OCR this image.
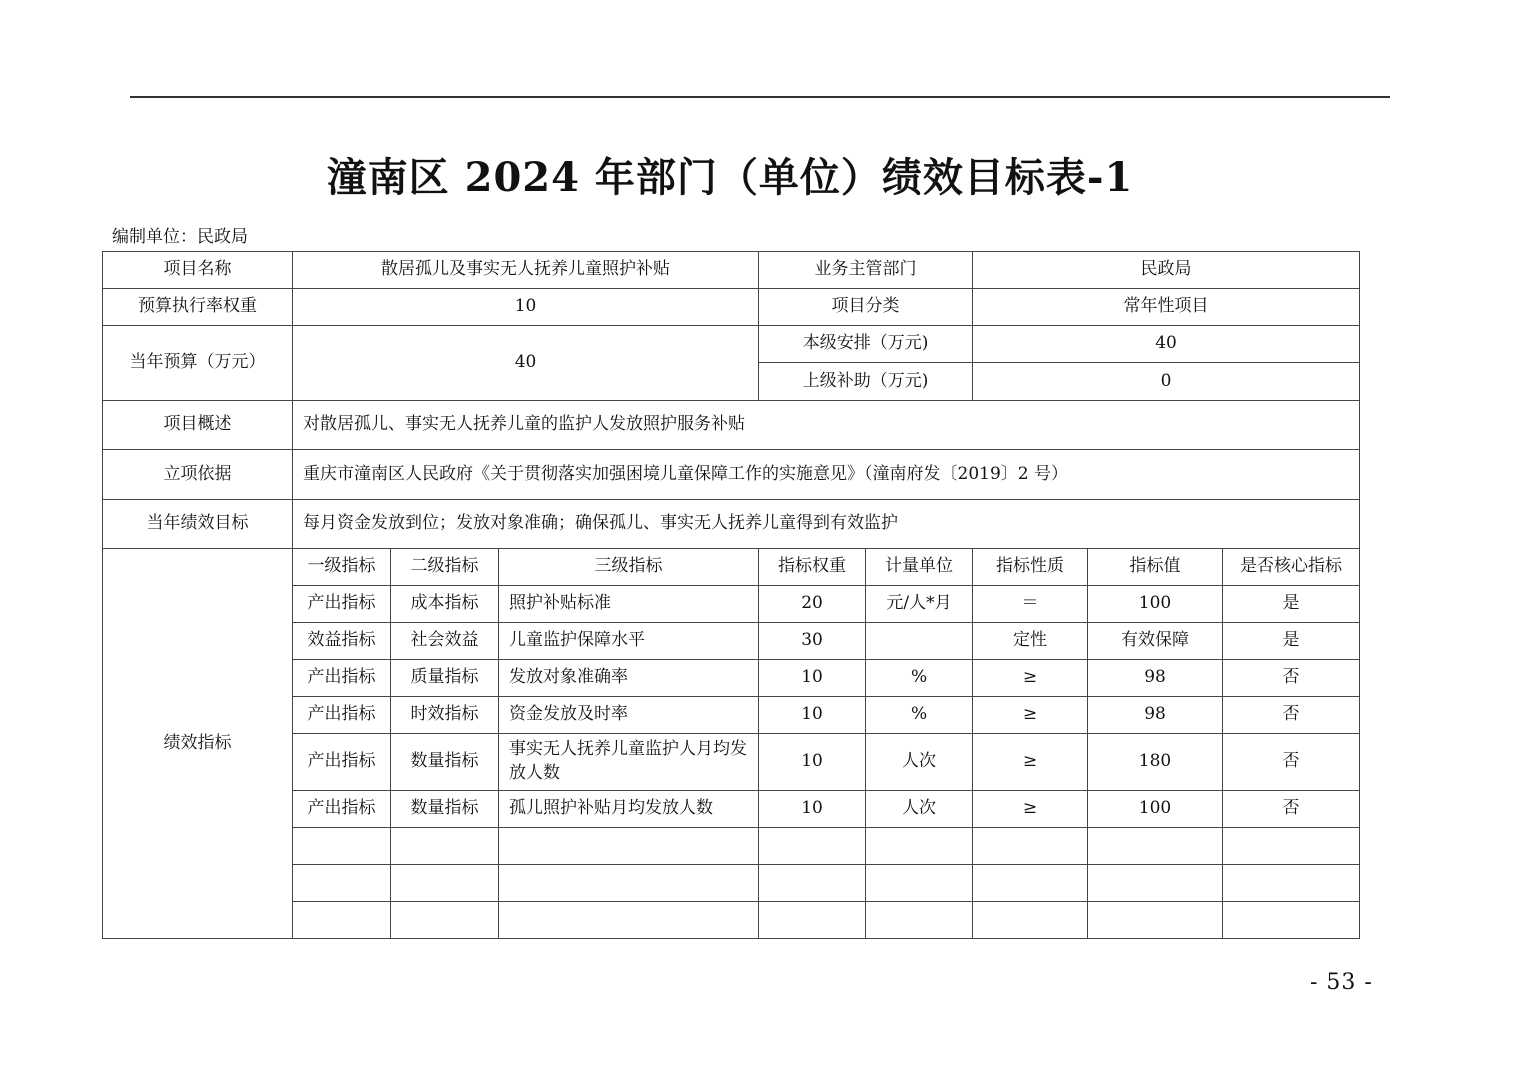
潼南区 2024 年部门（单位）绩效目标表-1
编制单位：民政局
项目名称	散居孤儿及事实无人抚养儿童照护补贴			业务主管部门		民政局		
预算执行率权重	10			项目分类		常年性项目		
当年预算（万元）	40			本级安排（万元)		40		
				上级补助（万元)		0		
项目概述	对散居孤儿、事实无人抚养儿童的监护人发放照护服务补贴							
立项依据	重庆市潼南区人民政府《关于贯彻落实加强困境儿童保障工作的实施意见》（潼南府发〔2019〕2 号）							
当年绩效目标	每月资金发放到位；发放对象准确；确保孤儿、事实无人抚养儿童得到有效监护							
绩效指标	一级指标	二级指标	三级指标	指标权重	计量单位	指标性质	指标值	是否核心指标
	产出指标	成本指标	照护补贴标准	20	元/人*月	＝	100	是
	效益指标	社会效益	儿童监护保障水平	30		定性	有效保障	是
	产出指标	质量指标	发放对象准确率	10	%	≥	98	否
	产出指标	时效指标	资金发放及时率	10	%	≥	98	否
	产出指标	数量指标	事实无人抚养儿童监护人月均发放人数	10	人次	≥	180	否
	产出指标	数量指标	孤儿照护补贴月均发放人数	10	人次	≥	100	否

- 53 -
